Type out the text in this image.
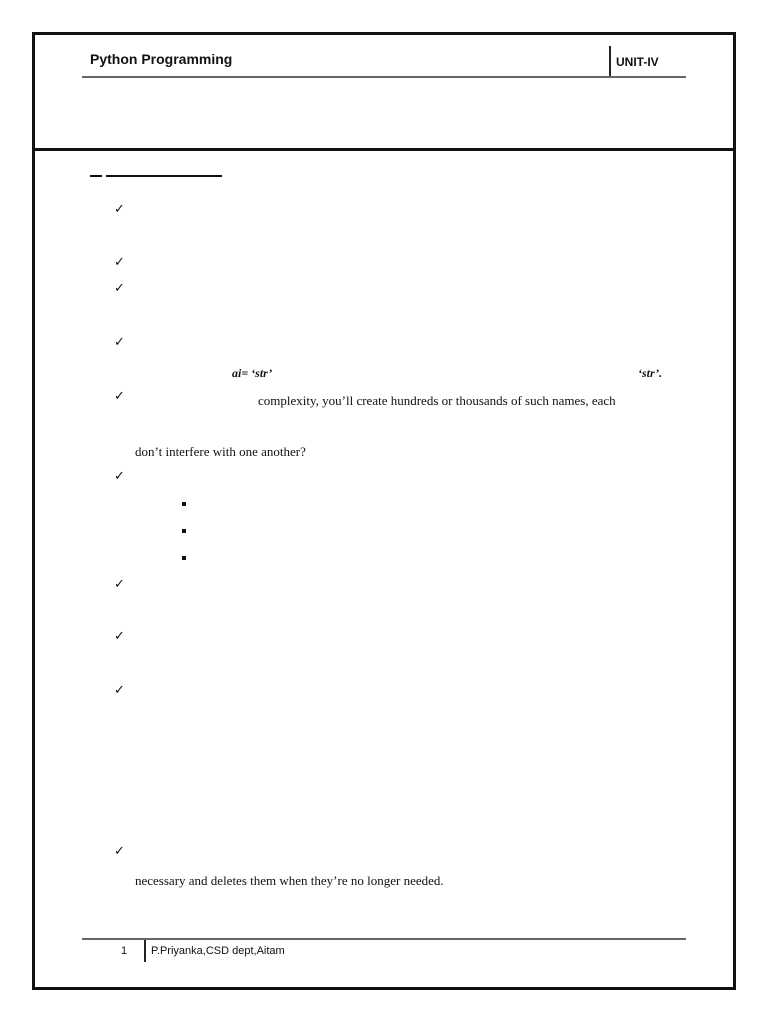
Python Programming	UNIT-IV
✓
✓
✓
✓
ai= ‘str’	‘str’.
✓	complexity, you’ll create hundreds or thousands of such names, each
don’t interfere with one another?
✓
✓
✓
✓
✓
necessary and deletes them when they’re no longer needed.
1 P.Priyanka,CSD dept,Aitam
